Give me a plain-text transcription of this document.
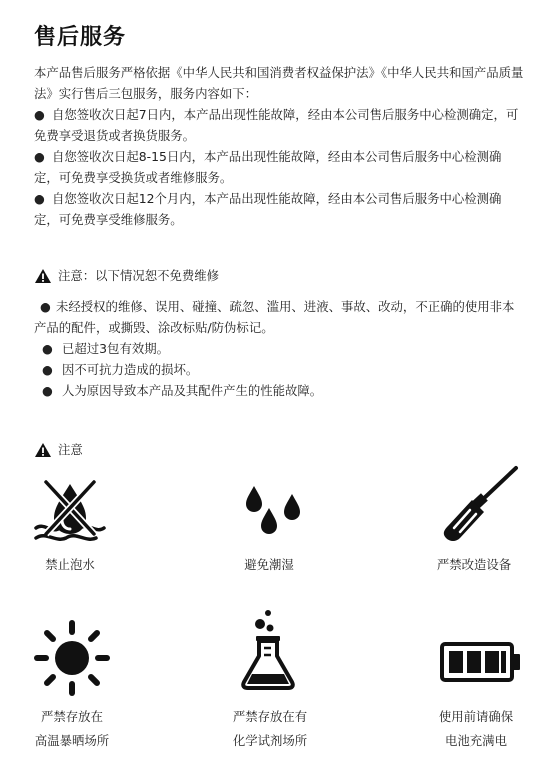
售后服务

本产品售后服务严格依据《中华人民共和国消费者权益保护法》《中华人民共和国产品质量法》实行售后三包服务，服务内容如下：

● 自您签收次日起7日内，本产品出现性能故障，经由本公司售后服务中心检测确定，可免费享受退货或者换货服务。

● 自您签收次日起8-15日内，本产品出现性能故障，经由本公司售后服务中心检测确定，可免费享受换货或者维修服务。

● 自您签收次日起12个月内，本产品出现性能故障，经由本公司售后服务中心检测确定，可免费享受维修服务。

注意：以下情况恕不免费维修

● 未经授权的维修、误用、碰撞、疏忽、滥用、进液、事故、改动，不正确的使用非本产品的配件，或撕毁、涂改标贴/防伪标记。

● 已超过3包有效期。

● 因不可抗力造成的损坏。

● 人为原因导致本产品及其配件产生的性能故障。

注意
禁止泡水	避免潮湿	严禁改造设备
严禁存放在
高温暴晒场所
严禁存放在有
化学试剂场所
使用前请确保
电池充满电
